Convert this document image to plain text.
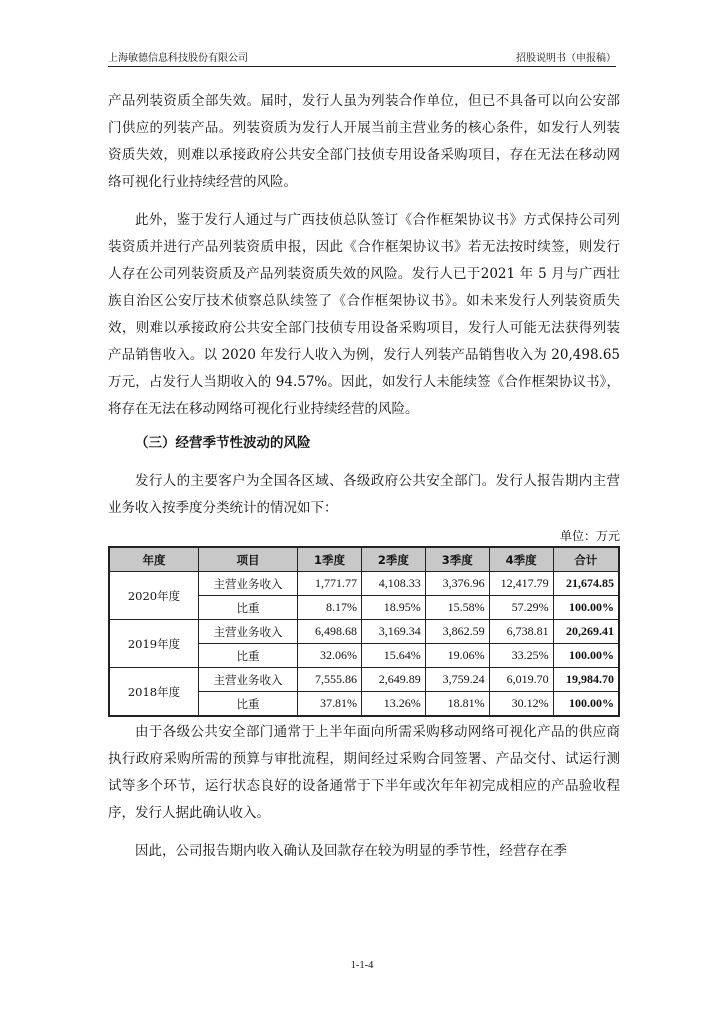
上海敏德信息科技股份有限公司	招股说明书（申报稿）

产品列装资质全部失效。届时，发行人虽为列装合作单位，但已不具备可以向公安部门供应的列装产品。列装资质为发行人开展当前主营业务的核心条件，如发行人列装资质失效，则难以承接政府公共安全部门技侦专用设备采购项目，存在无法在移动网络可视化行业持续经营的风险。

此外，鉴于发行人通过与广西技侦总队签订《合作框架协议书》方式保持公司列装资质并进行产品列装资质申报，因此《合作框架协议书》若无法按时续签，则发行人存在公司列装资质及产品列装资质失效的风险。发行人已于2021 年 5 月与广西壮族自治区公安厅技术侦察总队续签了《合作框架协议书》。如未来发行人列装资质失效，则难以承接政府公共安全部门技侦专用设备采购项目，发行人可能无法获得列装产品销售收入。以 2020 年发行人收入为例，发行人列装产品销售收入为 20,498.65 万元，占发行人当期收入的 94.57%。因此，如发行人未能续签《合作框架协议书》，将存在无法在移动网络可视化行业持续经营的风险。

（三）经营季节性波动的风险

发行人的主要客户为全国各区域、各级政府公共安全部门。发行人报告期内主营业务收入按季度分类统计的情况如下：

单位：万元
年度	项目	1季度	2季度	3季度	4季度	合计
2020年度	主营业务收入	1,771.77	4,108.33	3,376.96	12,417.79	21,674.85
	比重	8.17%	18.95%	15.58%	57.29%	100.00%
2019年度	主营业务收入	6,498.68	3,169.34	3,862.59	6,738.81	20,269.41
	比重	32.06%	15.64%	19.06%	33.25%	100.00%
2018年度	主营业务收入	7,555.86	2,649.89	3,759.24	6,019.70	19,984.70
	比重	37.81%	13.26%	18.81%	30.12%	100.00%

由于各级公共安全部门通常于上半年面向所需采购移动网络可视化产品的供应商执行政府采购所需的预算与审批流程，期间经过采购合同签署、产品交付、试运行测试等多个环节，运行状态良好的设备通常于下半年或次年年初完成相应的产品验收程序，发行人据此确认收入。

因此，公司报告期内收入确认及回款存在较为明显的季节性，经营存在季

1-1-4
